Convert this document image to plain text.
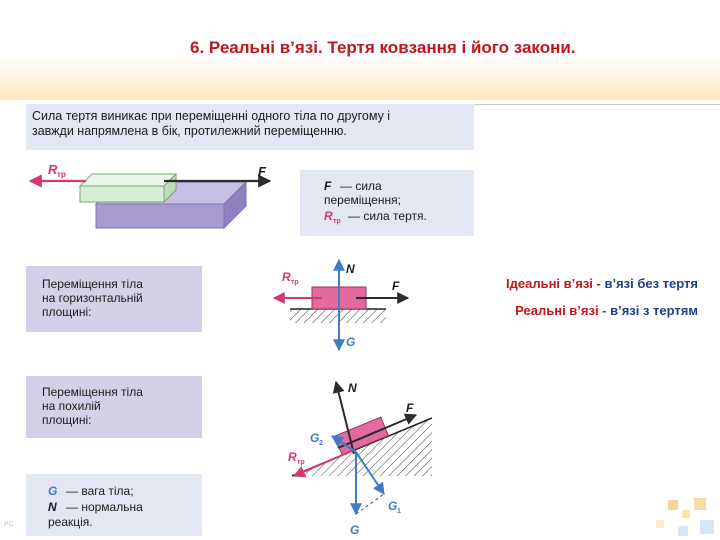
6. Реальні в’язі. Тертя ковзання і його закони.
Сила тертя виникає при переміщенні одного тіла по другому і
завжди напрямлена в бік, протилежний переміщенню.
F
R тр
F — сила
переміщення;
R тр — сила тертя.
Переміщення тіла
на горизонтальній
площині:
N
G
F
R тр
Переміщення тіла
на похилій
площині:
N
F
R тр
G 2
G
G 1
G — вага тіла;
N — нормальна
реакція.
Ідеальні в’язі - в’язі без тертя
Реальні в’язі - в’язі з тертям
PC
